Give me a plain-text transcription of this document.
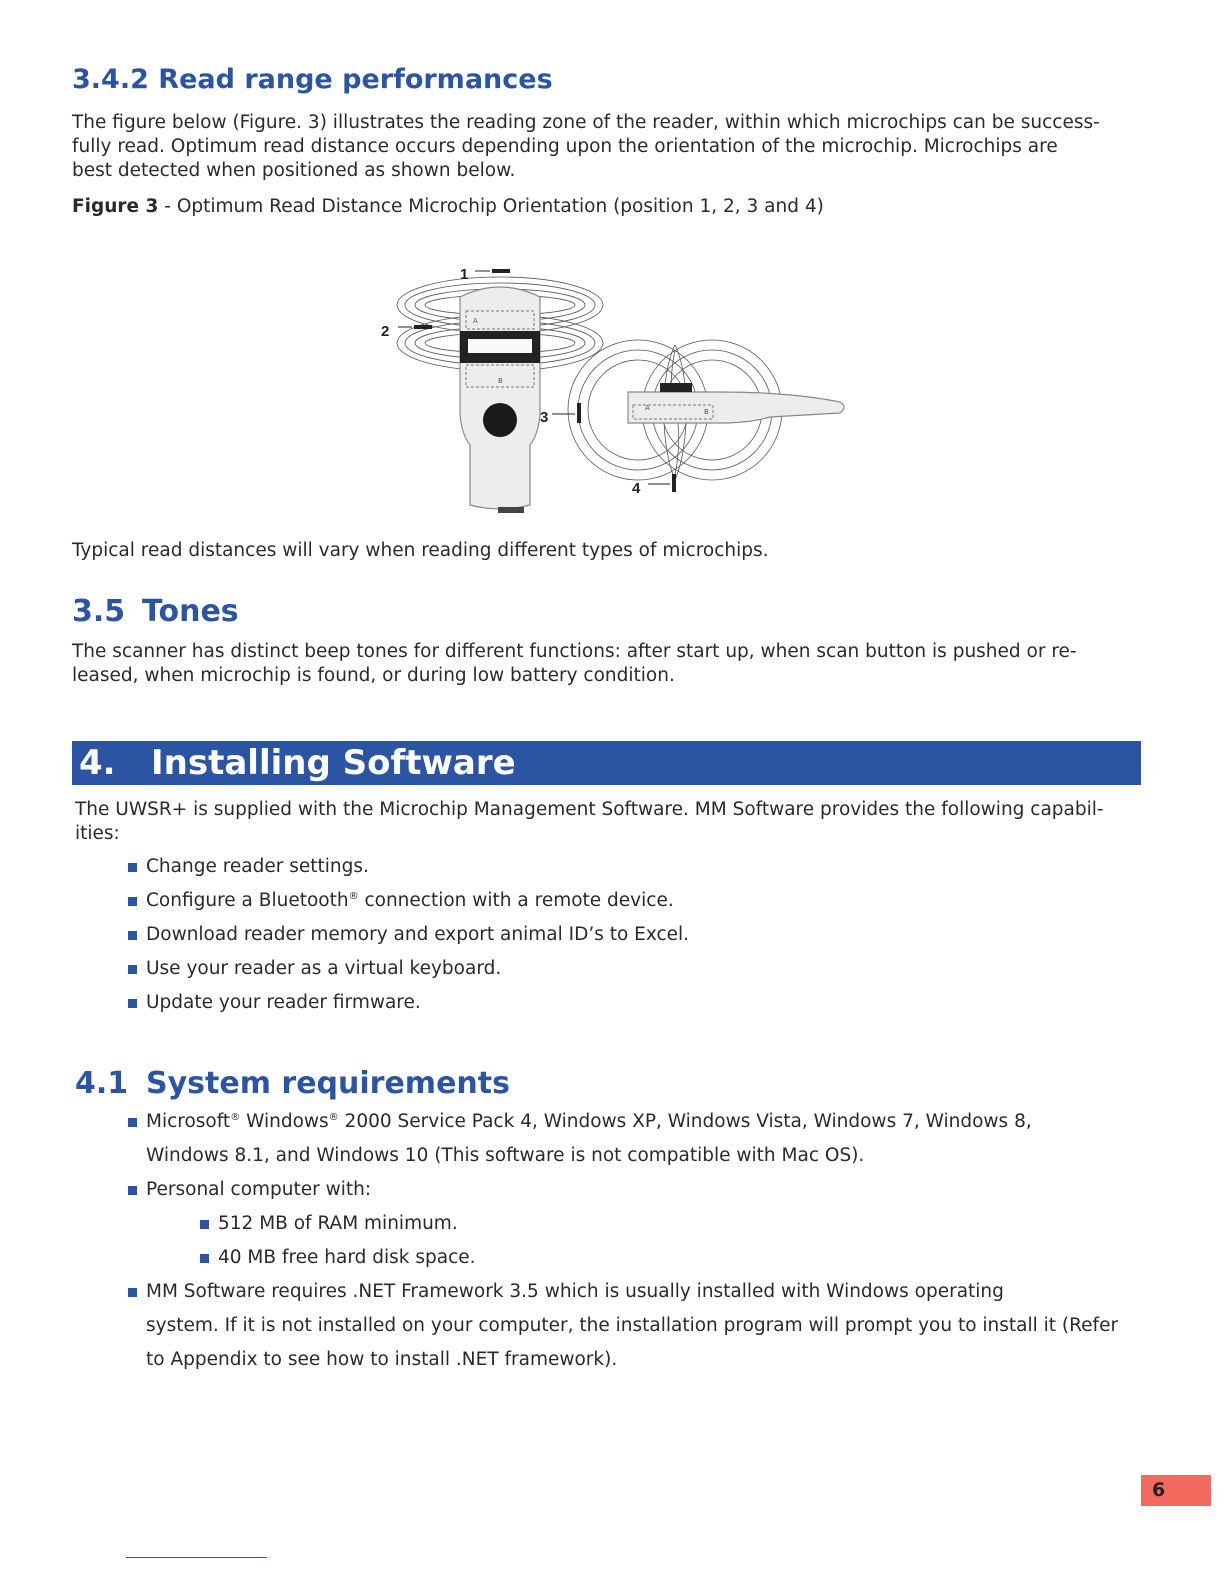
3.4.2 Read range performances
The figure below (Figure. 3) illustrates the reading zone of the reader, within which microchips can be success-
fully read. Optimum read distance occurs depending upon the orientation of the microchip. Microchips are
best detected when positioned as shown below.
Figure 3 - Optimum Read Distance Microchip Orientation (position 1, 2, 3 and 4)
A
B
A	B
1
2
3
4

Typical read distances will vary when reading different types of microchips.

3.5 Tones
The scanner has distinct beep tones for different functions: after start up, when scan button is pushed or re-
leased, when microchip is found, or during low battery condition.
4. Installing Software
The UWSR+ is supplied with the Microchip Management Software. MM Software provides the following capabil-
ities:
Change reader settings.
Configure a Bluetooth® connection with a remote device.
Download reader memory and export animal ID’s to Excel.
Use your reader as a virtual keyboard.
Update your reader firmware.
4.1 System requirements
Microsoft® Windows® 2000 Service Pack 4, Windows XP, Windows Vista, Windows 7, Windows 8,
Windows 8.1, and Windows 10 (This software is not compatible with Mac OS).
Personal computer with:
512 MB of RAM minimum.
40 MB free hard disk space.
MM Software requires .NET Framework 3.5 which is usually installed with Windows operating
system. If it is not installed on your computer, the installation program will prompt you to install it (Refer
to Appendix to see how to install .NET framework).
6
